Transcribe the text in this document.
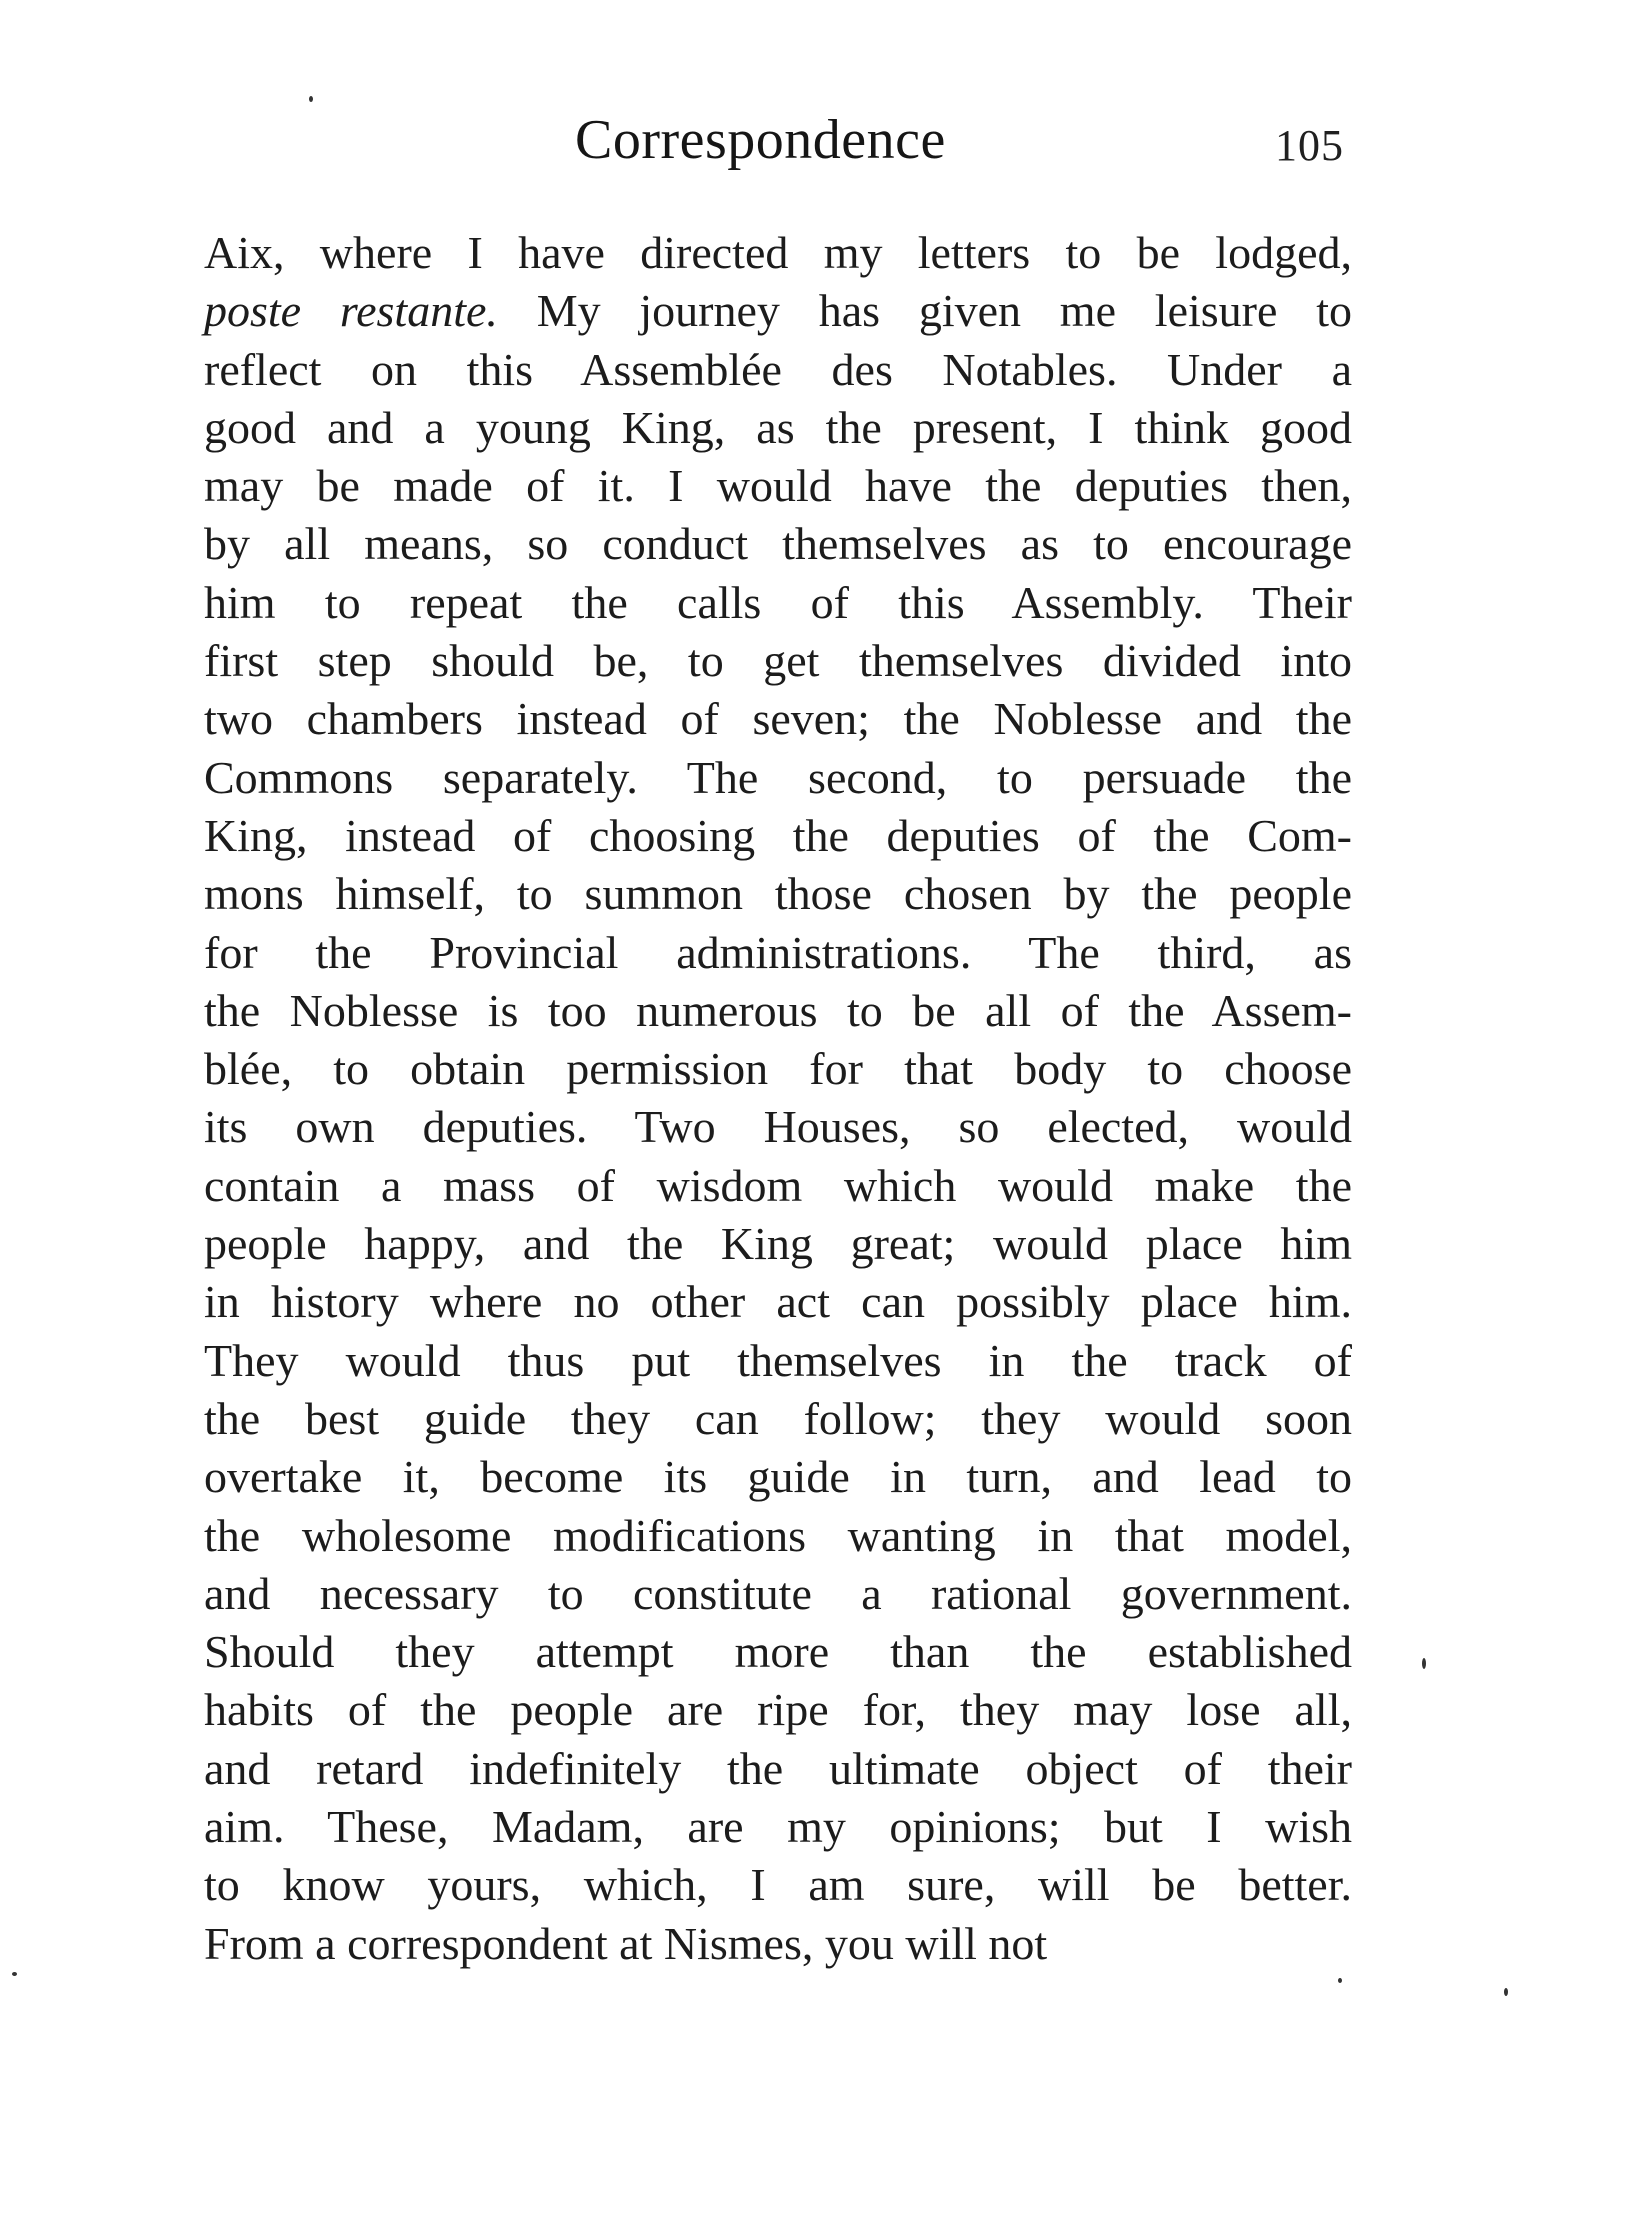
Correspondence	105
Aix, where I have directed my letters to be lodged,
poste restante. My journey has given me leisure to
reflect on this Assemblée des Notables. Under a
good and a young King, as the present, I think good
may be made of it. I would have the deputies then,
by all means, so conduct themselves as to encourage
him to repeat the calls of this Assembly. Their
first step should be, to get themselves divided into
two chambers instead of seven; the Noblesse and the
Commons separately. The second, to persuade the
King, instead of choosing the deputies of the Com-
mons himself, to summon those chosen by the people
for the Provincial administrations. The third, as
the Noblesse is too numerous to be all of the Assem-
blée, to obtain permission for that body to choose
its own deputies. Two Houses, so elected, would
contain a mass of wisdom which would make the
people happy, and the King great; would place him
in history where no other act can possibly place him.
They would thus put themselves in the track of
the best guide they can follow; they would soon
overtake it, become its guide in turn, and lead to
the wholesome modifications wanting in that model,
and necessary to constitute a rational government.
Should they attempt more than the established
habits of the people are ripe for, they may lose all,
and retard indefinitely the ultimate object of their
aim. These, Madam, are my opinions; but I wish
to know yours, which, I am sure, will be better.
From a correspondent at Nismes, you will not
